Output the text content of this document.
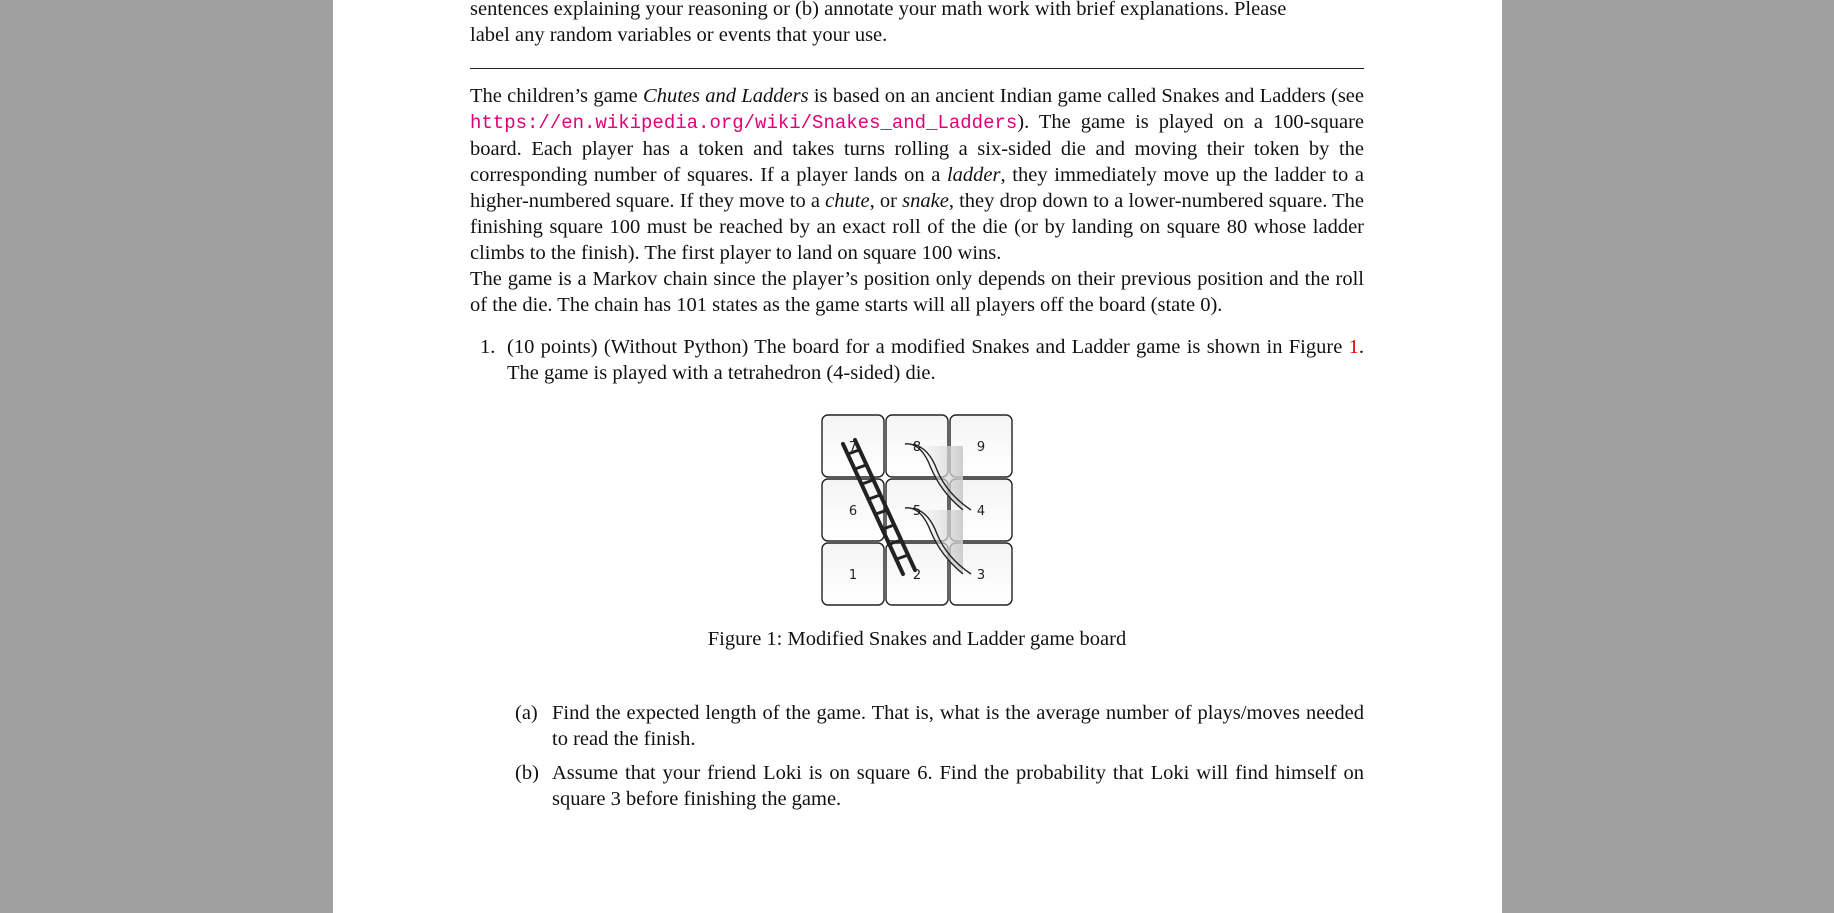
sentences explaining your reasoning or (b) annotate your math work with brief explanations. Please
label any random variables or events that your use.

The children’s game Chutes and Ladders is based on an ancient Indian game called Snakes and Ladders (see https://en.wikipedia.org/wiki/Snakes_and_Ladders). The game is played on a 100-square board. Each player has a token and takes turns rolling a six-sided die and moving their token by the corresponding number of squares. If a player lands on a ladder, they immediately move up the ladder to a higher-numbered square. If they move to a chute, or snake, they drop down to a lower-numbered square. The finishing square 100 must be reached by an exact roll of the die (or by landing on square 80 whose ladder climbs to the finish). The first player to land on square 100 wins.

The game is a Markov chain since the player’s position only depends on their previous position and the roll of the die. The chain has 101 states as the game starts will all players off the board (state 0).

1. (10 points) (Without Python) The board for a modified Snakes and Ladder game is shown in Figure 1. The game is played with a tetrahedron (4-sided) die.
7	8	9
6	5	4
1	2	3
Figure 1: Modified Snakes and Ladder game board
(a) Find the expected length of the game. That is, what is the average number of plays/moves needed to read the finish.
(b) Assume that your friend Loki is on square 6. Find the probability that Loki will find himself on square 3 before finishing the game.
